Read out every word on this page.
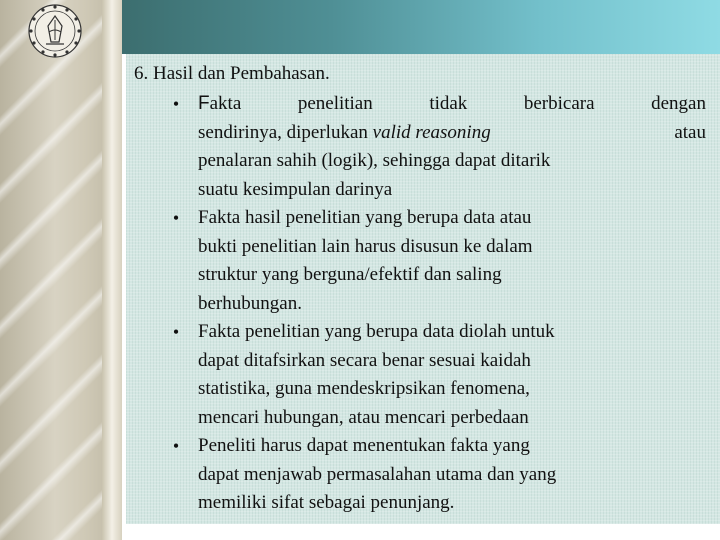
6. Hasil dan Pembahasan.
• Fakta	penelitian	tidak	berbicara	dengan
sendirinya, diperlukan valid reasoning	atau
penalaran sahih (logik), sehingga dapat ditarik
suatu kesimpulan darinya
• Fakta hasil penelitian yang berupa data atau
bukti penelitian lain harus disusun ke dalam
struktur yang berguna/efektif dan saling
berhubungan.
• Fakta penelitian yang berupa data diolah untuk
dapat ditafsirkan secara benar sesuai kaidah
statistika, guna mendeskripsikan fenomena,
mencari hubungan, atau mencari perbedaan
• Peneliti harus dapat menentukan fakta yang
dapat menjawab permasalahan utama dan yang
memiliki sifat sebagai penunjang.
